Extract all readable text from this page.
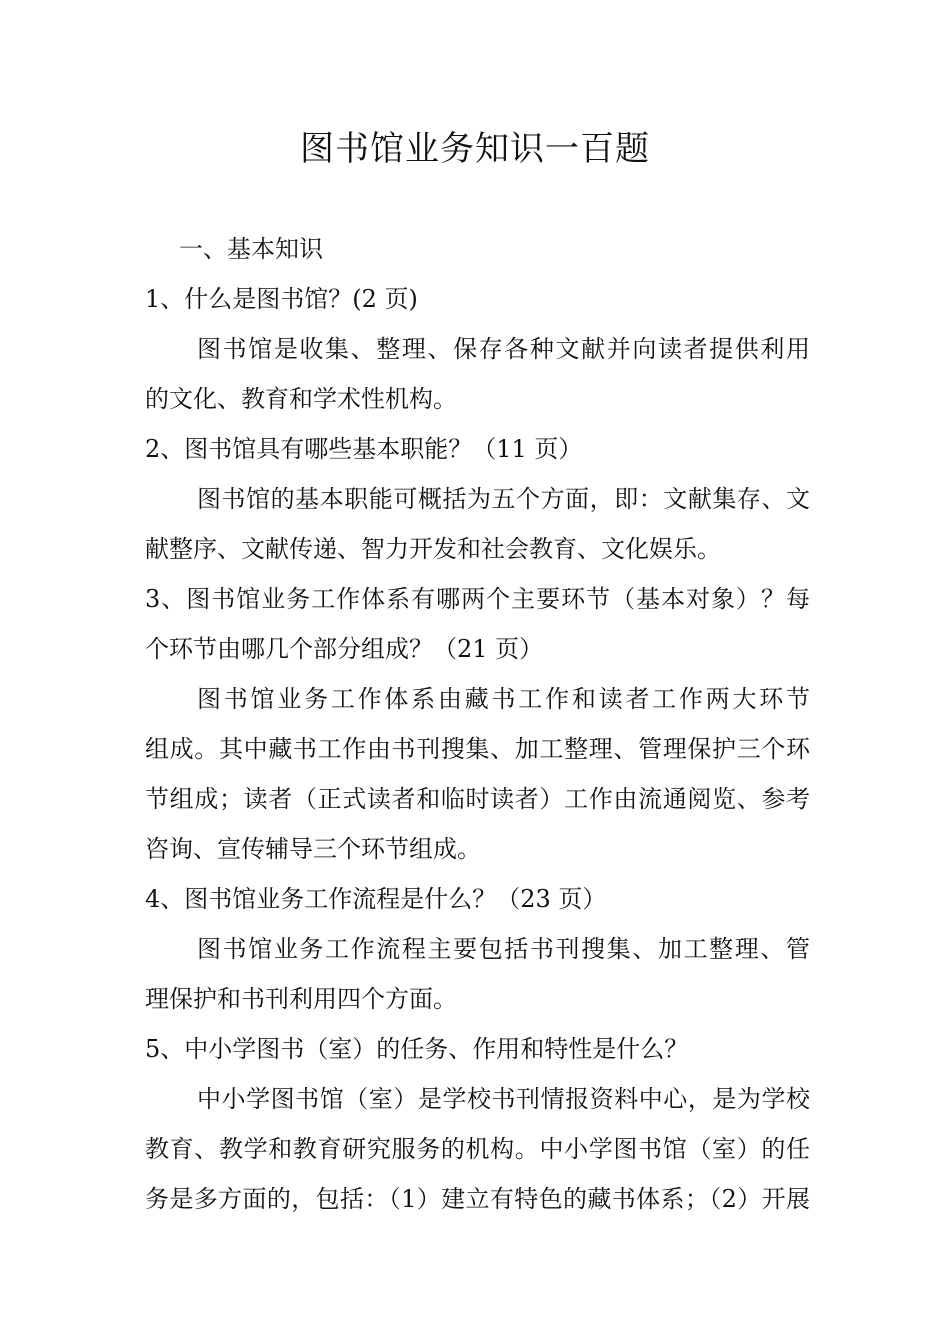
图书馆业务知识一百题
一、基本知识
1、什么是图书馆？(2 页)
图书馆是收集、整理、保存各种文献并向读者提供利用
的文化、教育和学术性机构。
2、图书馆具有哪些基本职能？（11 页）
图书馆的基本职能可概括为五个方面，即：文献集存、文
献整序、文献传递、智力开发和社会教育、文化娱乐。
3、图书馆业务工作体系有哪两个主要环节（基本对象）？每
个环节由哪几个部分组成？（21 页）
图书馆业务工作体系由藏书工作和读者工作两大环节
组成。其中藏书工作由书刊搜集、加工整理、管理保护三个环
节组成；读者（正式读者和临时读者）工作由流通阅览、参考
咨询、宣传辅导三个环节组成。
4、图书馆业务工作流程是什么？（23 页）
图书馆业务工作流程主要包括书刊搜集、加工整理、管
理保护和书刊利用四个方面。
5、中小学图书（室）的任务、作用和特性是什么？
中小学图书馆（室）是学校书刊情报资料中心，是为学校
教育、教学和教育研究服务的机构。中小学图书馆（室）的任
务是多方面的，包括：（1）建立有特色的藏书体系；（2）开展
